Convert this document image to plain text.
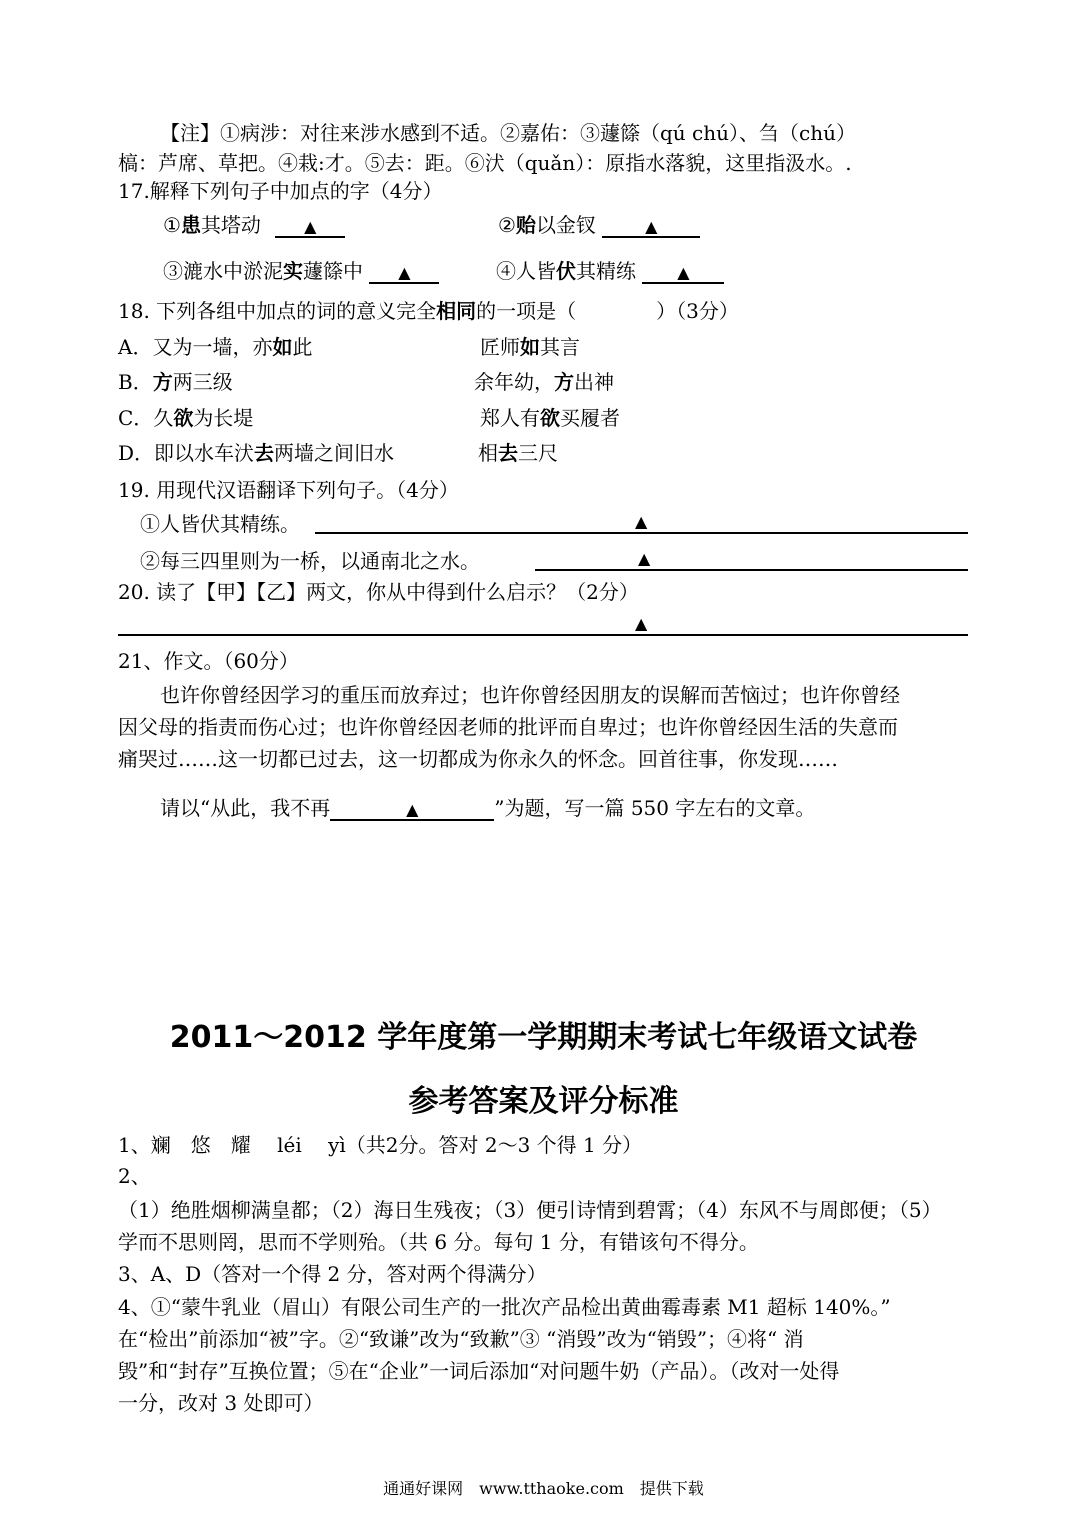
【注】①病涉：对往来涉水感到不适。②嘉佑：③蘧篨（qú chú）、刍（chú）
槁：芦席、草把。④栽:才。⑤去：距。⑥汱（quǎn）：原指水落貌，这里指汲水。.
17.解释下列句子中加点的字（4分）
①患其塔动	▲	②贻以金钗	▲
③漉水中淤泥实蘧篨中 ▲	④人皆伏其精练	▲
18. 下列各组中加点的词的意义完全相同的一项是（　　　　）（3分）
A．又为一墙，亦如此	匠师如其言
B．方两三级	余年幼，方出神
C．久欲为长堤	郑人有欲买履者
D．即以水车汱去两墙之间旧水	相去三尺
19. 用现代汉语翻译下列句子。（4分）
①人皆伏其精练。	▲
②每三四里则为一桥，以通南北之水。	▲
20. 读了【甲】【乙】两文，你从中得到什么启示？（2分）
▲
21、作文。（60分）
也许你曾经因学习的重压而放弃过；也许你曾经因朋友的误解而苦恼过；也许你曾经
因父母的指责而伤心过；也许你曾经因老师的批评而自卑过；也许你曾经因生活的失意而
痛哭过……这一切都已过去，这一切都成为你永久的怀念。回首往事，你发现……
请以“从此，我不再	▲	”为题，写一篇 550 字左右的文章。
2011～2012 学年度第一学期期末考试七年级语文试卷
参考答案及评分标准
1、斓　悠　耀　 léi　 yì（共2分。答对 2～3 个得 1 分）
2、
（1）绝胜烟柳满皇都；（2）海日生残夜；（3）便引诗情到碧霄；（4）东风不与周郎便；（5）
学而不思则罔，思而不学则殆。（共 6 分。每句 1 分，有错该句不得分。
3、A、D（答对一个得 2 分，答对两个得满分）
4、①“蒙牛乳业（眉山）有限公司生产的一批次产品检出黄曲霉毒素 M1 超标 140%。”
在“检出”前添加“被”字。②“致谦”改为“致歉”③ “消毁”改为“销毁”；④将“ 消
毁”和“封存”互换位置；⑤在“企业”一词后添加“对问题牛奶（产品）。（改对一处得
一分，改对 3 处即可）
通通好课网　www.tthaoke.com　提供下载
